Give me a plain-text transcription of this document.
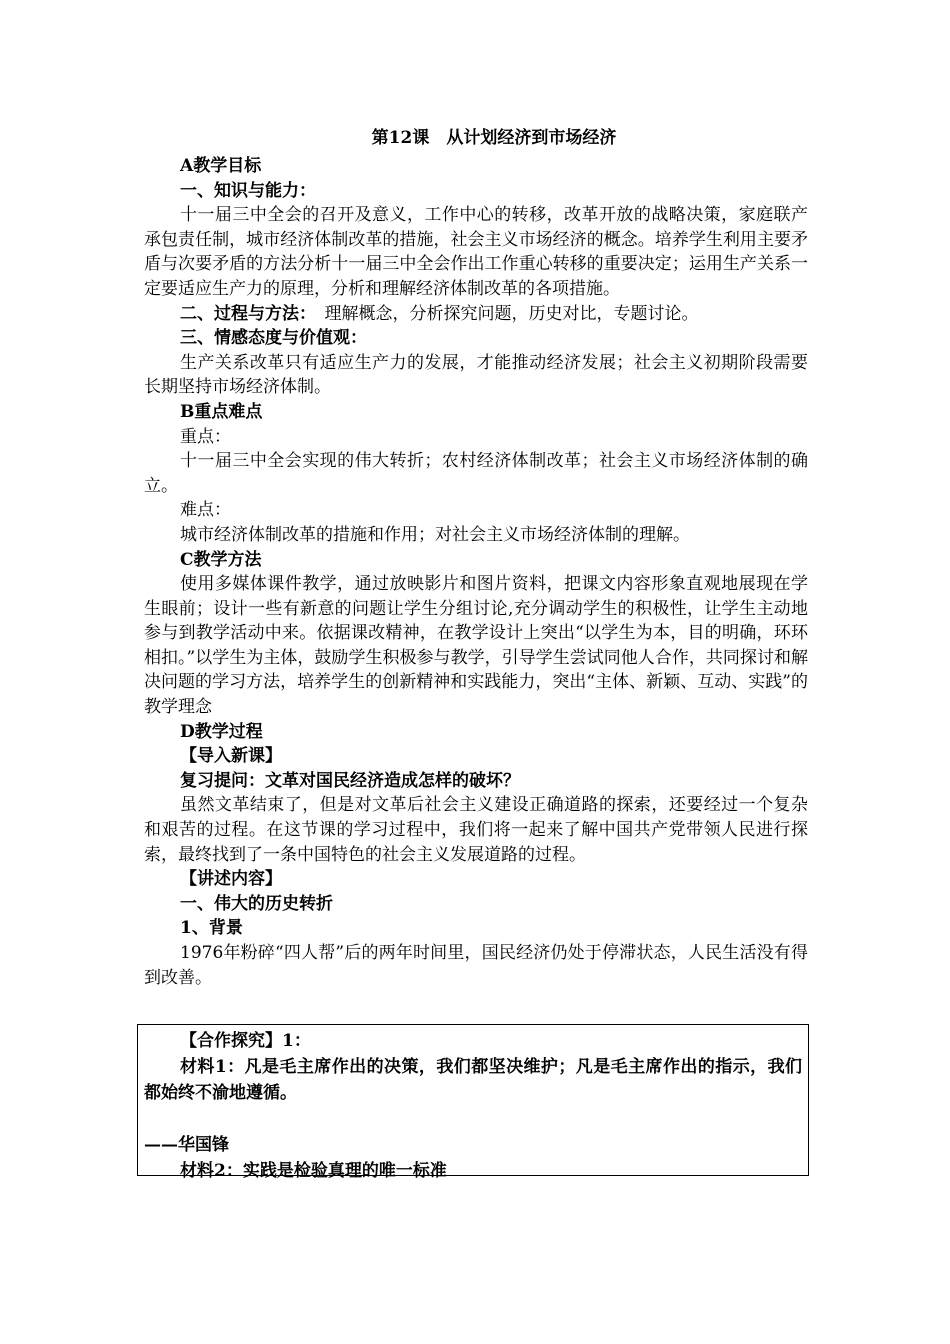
第12课　从计划经济到市场经济

A教学目标

一、知识与能力：

十一届三中全会的召开及意义，工作中心的转移，改革开放的战略决策，家庭联产承包责任制，城市经济体制改革的措施，社会主义市场经济的概念。培养学生利用主要矛盾与次要矛盾的方法分析十一届三中全会作出工作重心转移的重要决定；运用生产关系一定要适应生产力的原理，分析和理解经济体制改革的各项措施。

二、过程与方法：　理解概念，分析探究问题，历史对比，专题讨论。

三、情感态度与价值观：

生产关系改革只有适应生产力的发展，才能推动经济发展；社会主义初期阶段需要长期坚持市场经济体制。

B重点难点

重点：

十一届三中全会实现的伟大转折；农村经济体制改革；社会主义市场经济体制的确立。

难点：

城市经济体制改革的措施和作用；对社会主义市场经济体制的理解。

C教学方法

使用多媒体课件教学，通过放映影片和图片资料，把课文内容形象直观地展现在学生眼前；设计一些有新意的问题让学生分组讨论,充分调动学生的积极性，让学生主动地参与到教学活动中来。依据课改精神，在教学设计上突出“以学生为本，目的明确，环环相扣。”以学生为主体，鼓励学生积极参与教学，引导学生尝试同他人合作，共同探讨和解决问题的学习方法，培养学生的创新精神和实践能力，突出“主体、新颖、互动、实践”的教学理念

D教学过程

【导入新课】

复习提问：文革对国民经济造成怎样的破坏？

虽然文革结束了，但是对文革后社会主义建设正确道路的探索，还要经过一个复杂和艰苦的过程。在这节课的学习过程中，我们将一起来了解中国共产党带领人民进行探索，最终找到了一条中国特色的社会主义发展道路的过程。

【讲述内容】

一、伟大的历史转折

1、背景

1976年粉碎“四人帮”后的两年时间里，国民经济仍处于停滞状态，人民生活没有得到改善。

【合作探究】1：

材料1：凡是毛主席作出的决策，我们都坚决维护；凡是毛主席作出的指示，我们都始终不渝地遵循。

——华国锋

材料2：实践是检验真理的唯一标准
